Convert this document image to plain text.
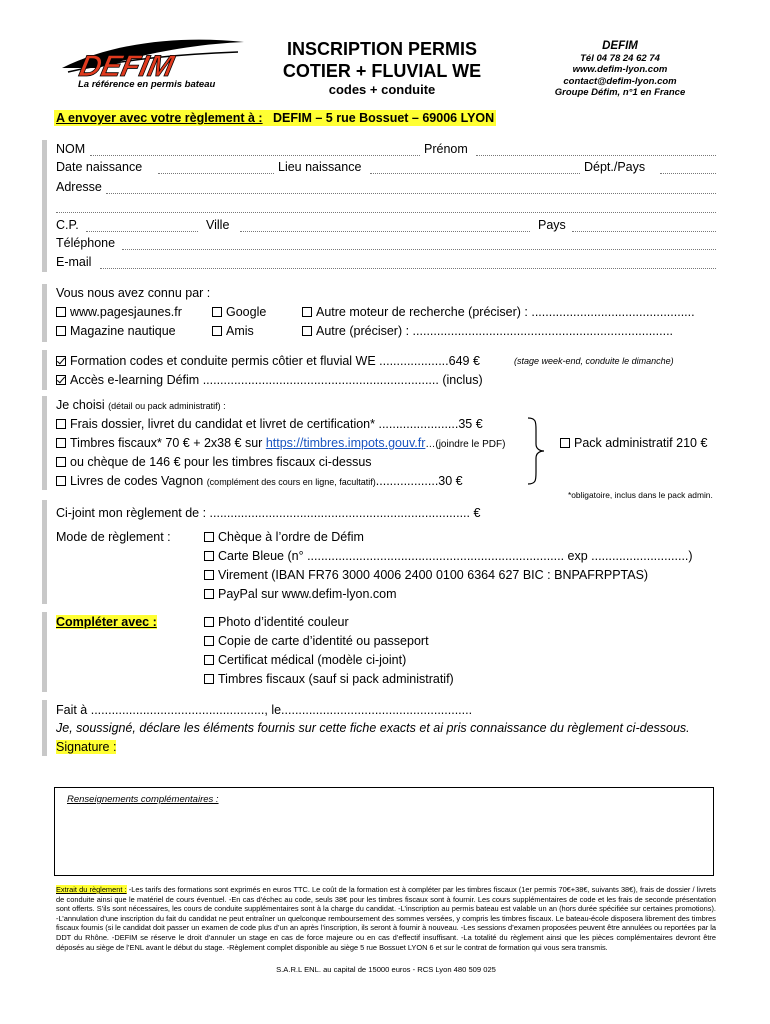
DEFIM
La référence en permis bateau
INSCRIPTION PERMIS
COTIER + FLUVIAL WE
codes + conduite
DEFIM
Tél 04 78 24 62 74
www.defim-lyon.com
contact@defim-lyon.com
Groupe Défim, n°1 en France
A envoyer avec votre règlement à : DEFIM – 5 rue Bossuet – 69006 LYON
NOM	Prénom
Date naissance	Lieu naissance	Dépt./Pays
Adresse
C.P.	Ville	Pays
Téléphone
E-mail
Vous nous avez connu par :
www.pagesjaunes.fr	Google	Autre moteur de recherche (préciser) : ...............................................
Magazine nautique	Amis	Autre (préciser) : ...........................................................................
Formation codes et conduite permis côtier et fluvial WE ....................649 €	(stage week-end, conduite le dimanche)
Accès e-learning Défim .................................................................... (inclus)
Je choisi (détail ou pack administratif) :
Frais dossier, livret du candidat et livret de certification* .......................35 €
Timbres fiscaux* 70 € + 2x38 € sur https://timbres.impots.gouv.fr…(joindre le PDF)
ou chèque de 146 € pour les timbres fiscaux ci-dessus
Livres de codes Vagnon (complément des cours en ligne, facultatif)..................30 €
Pack administratif 210 €
*obligatoire, inclus dans le pack admin.
Ci-joint mon règlement de : ........................................................................... €
Mode de règlement :	Chèque à l’ordre de Défim
Carte Bleue (n° .......................................................................... exp ............................)
Virement (IBAN FR76 3000 4006 2400 0100 6364 627 BIC : BNPAFRPPTAS)
PayPal sur www.defim-lyon.com
Compléter avec :	Photo d’identité couleur
Copie de carte d’identité ou passeport
Certificat médical (modèle ci-joint)
Timbres fiscaux (sauf si pack administratif)
Fait à .................................................., le.......................................................
Je, soussigné, déclare les éléments fournis sur cette fiche exacts et ai pris connaissance du règlement ci-dessous.
Signature :
Renseignements complémentaires :
Extrait du règlement : -Les tarifs des formations sont exprimés en euros TTC. Le coût de la formation est à compléter par les timbres fiscaux (1er permis 70€+38€, suivants 38€), frais de dossier / livrets de conduite ainsi que le matériel de cours éventuel. -En cas d’échec au code, seuls 38€ pour les timbres fiscaux sont à fournir. Les cours supplémentaires de code et les frais de seconde présentation sont offerts. S’ils sont nécessaires, les cours de conduite supplémentaires sont à la charge du candidat. -L’inscription au permis bateau est valable un an (hors durée spécifiée sur certaines promotions). -L’annulation d’une inscription du fait du candidat ne peut entraîner un quelconque remboursement des sommes versées, y compris les timbres fiscaux. Le bateau-école disposera librement des timbres fiscaux fournis (si le candidat doit passer un examen de code plus d’un an après l’inscription, ils seront à fournir à nouveau. -Les sessions d’examen proposées peuvent être annulées ou reportées par la DDT du Rhône. -DEFIM se réserve le droit d’annuler un stage en cas de force majeure ou en cas d’effectif insuffisant. -La totalité du règlement ainsi que les pièces complémentaires devront être déposés au siège de l’ENL avant le début du stage. -Règlement complet disponible au siège 5 rue Bossuet LYON 6 et sur le contrat de formation qui vous sera transmis.
S.A.R.L ENL. au capital de 15000 euros - RCS Lyon 480 509 025
